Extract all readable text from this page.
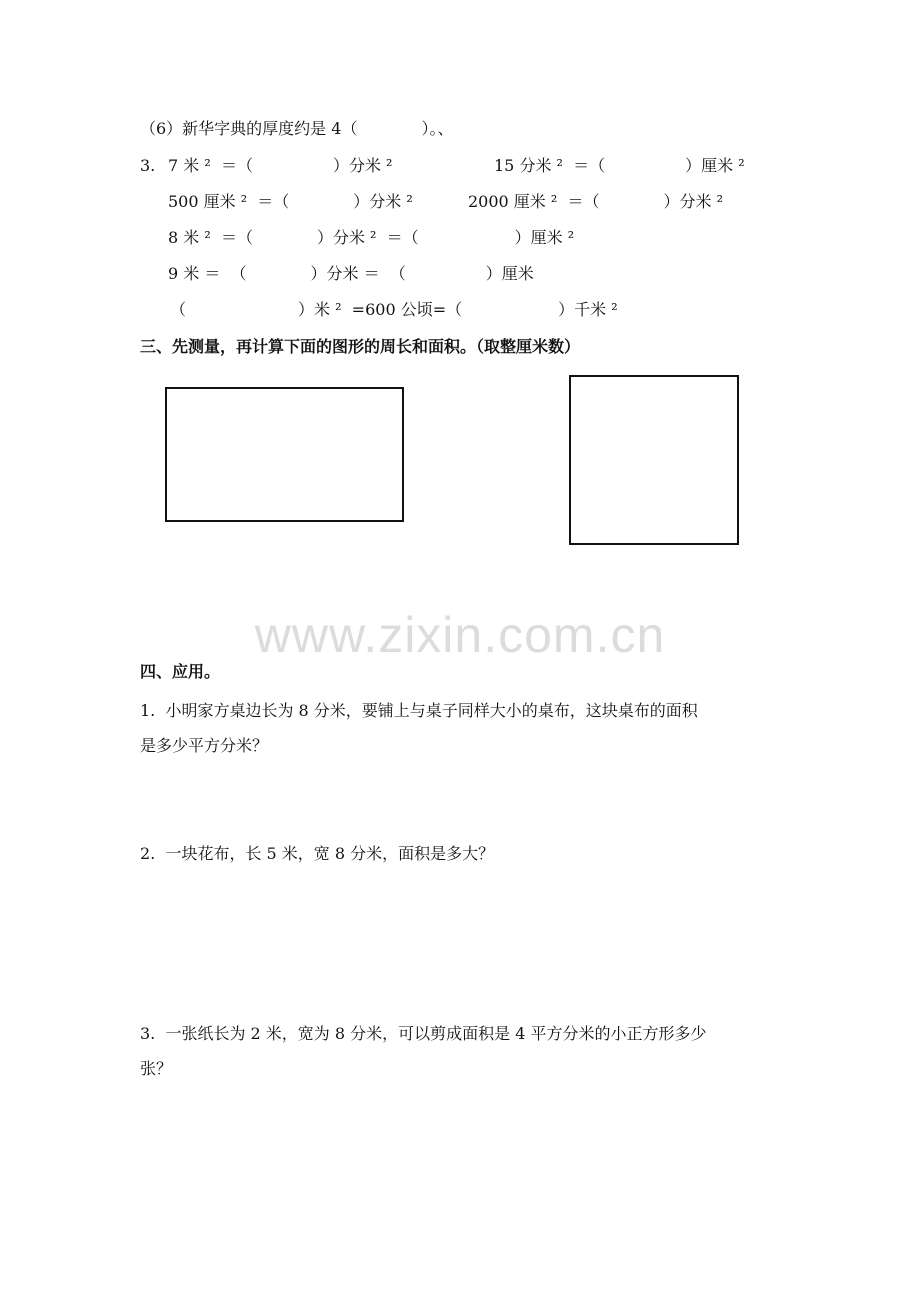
（6）新华字典的厚度约是 4（　　　　）。、
3. 7 米 ²  ＝（　　　　　）分米 ²	15 分米 ²  ＝（　　　　　）厘米 ²
500 厘米 ²  ＝（　　　　）分米 ²	2000 厘米 ²  ＝（　　　　）分米 ²
8 米 ²  ＝（　　　　）分米 ²  ＝（　　　　　　）厘米 ²
9 米 ＝  （　　　　）分米 ＝  （　　　　　）厘米
（　　　　　　　）米 ²  =600 公顷=（　　　　　　）千米 ²
三、先测量，再计算下面的图形的周长和面积。（取整厘米数）
www.zixin.com.cn
四、应用。
1.  小明家方桌边长为 8 分米，要铺上与桌子同样大小的桌布，这块桌布的面积
是多少平方分米？
2.  一块花布，长 5 米，宽 8 分米，面积是多大？
3.  一张纸长为 2 米，宽为 8 分米，可以剪成面积是 4 平方分米的小正方形多少
张？
